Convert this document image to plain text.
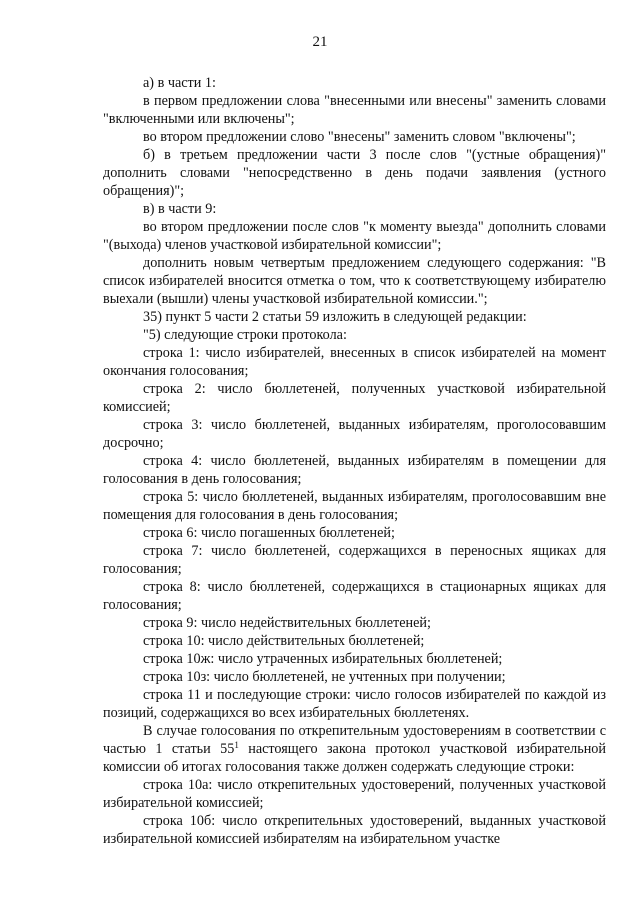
21

а) в части 1:

в первом предложении слова "внесенными или внесены" заменить словами "включенными или включены";

во втором предложении слово "внесены" заменить словом "включены";

б) в третьем предложении части 3 после слов "(устные обращения)" дополнить словами "непосредственно в день подачи заявления (устного обращения)";

в) в части 9:

во втором предложении после слов "к моменту выезда" дополнить словами "(выхода) членов участковой избирательной комиссии";

дополнить новым четвертым предложением следующего содержания: "В список избирателей вносится отметка о том, что к соответствующему избирателю выехали (вышли) члены участковой избирательной комиссии.";

35) пункт 5 части 2 статьи 59 изложить в следующей редакции:

"5) следующие строки протокола:

строка 1: число избирателей, внесенных в список избирателей на момент окончания голосования;

строка 2: число бюллетеней, полученных участковой избирательной комиссией;

строка 3: число бюллетеней, выданных избирателям, проголосовавшим досрочно;

строка 4: число бюллетеней, выданных избирателям в помещении для голосования в день голосования;

строка 5: число бюллетеней, выданных избирателям, проголосовавшим вне помещения для голосования в день голосования;

строка 6: число погашенных бюллетеней;

строка 7: число бюллетеней, содержащихся в переносных ящиках для голосования;

строка 8: число бюллетеней, содержащихся в стационарных ящиках для голосования;

строка 9: число недействительных бюллетеней;

строка 10: число действительных бюллетеней;

строка 10ж: число утраченных избирательных бюллетеней;

строка 10з: число бюллетеней, не учтенных при получении;

строка 11 и последующие строки: число голосов избирателей по каждой из позиций, содержащихся во всех избирательных бюллетенях.

В случае голосования по открепительным удостоверениям в соответствии с частью 1 статьи $55^1$ настоящего закона протокол участковой избирательной комиссии об итогах голосования также должен содержать следующие строки:

строка 10а: число открепительных удостоверений, полученных участковой избирательной комиссией;

строка 10б: число открепительных удостоверений, выданных участковой избирательной комиссией избирателям на избирательном участке
